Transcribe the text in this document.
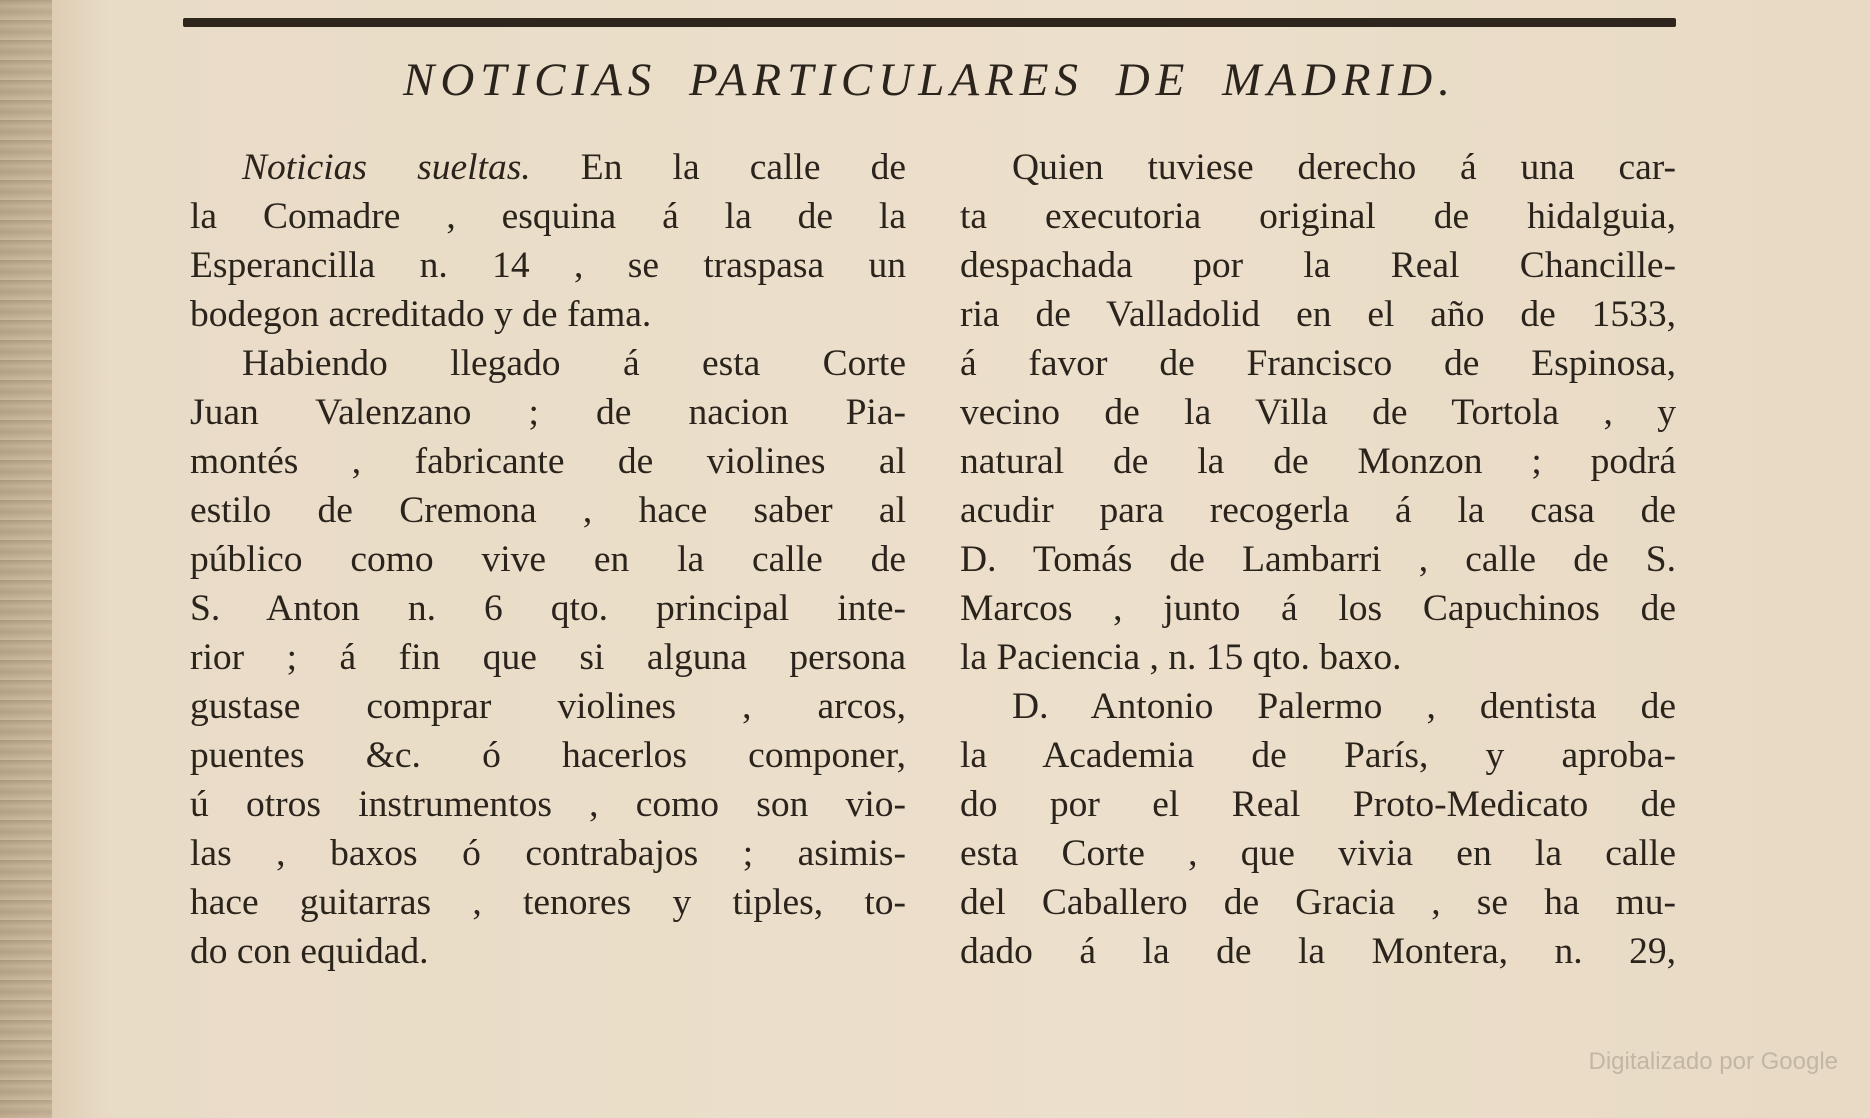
NOTICIAS PARTICULARES DE MADRID.
Noticias sueltas. En la calle de
la Comadre , esquina á la de la
Esperancilla n. 14 , se traspasa un
bodegon acreditado y de fama.
Habiendo llegado á esta Corte
Juan Valenzano ; de nacion Pia-
montés , fabricante de violines al
estilo de Cremona , hace saber al
público como vive en la calle de
S. Anton n. 6 qto. principal inte-
rior ; á fin que si alguna persona
gustase comprar violines , arcos,
puentes &c. ó hacerlos componer,
ú otros instrumentos , como son vio-
las , baxos ó contrabajos ; asimis-
hace guitarras , tenores y tiples, to-
do con equidad.
Quien tuviese derecho á una car-
ta executoria original de hidalguia,
despachada por la Real Chancille-
ria de Valladolid en el año de 1533,
á favor de Francisco de Espinosa,
vecino de la Villa de Tortola , y
natural de la de Monzon ; podrá
acudir para recogerla á la casa de
D. Tomás de Lambarri , calle de S.
Marcos , junto á los Capuchinos de
la Paciencia , n. 15 qto. baxo.
D. Antonio Palermo , dentista de
la Academia de París, y aproba-
do por el Real Proto-Medicato de
esta Corte , que vivia en la calle
del Caballero de Gracia , se ha mu-
dado á la de la Montera, n. 29,
Digitalizado por Google
